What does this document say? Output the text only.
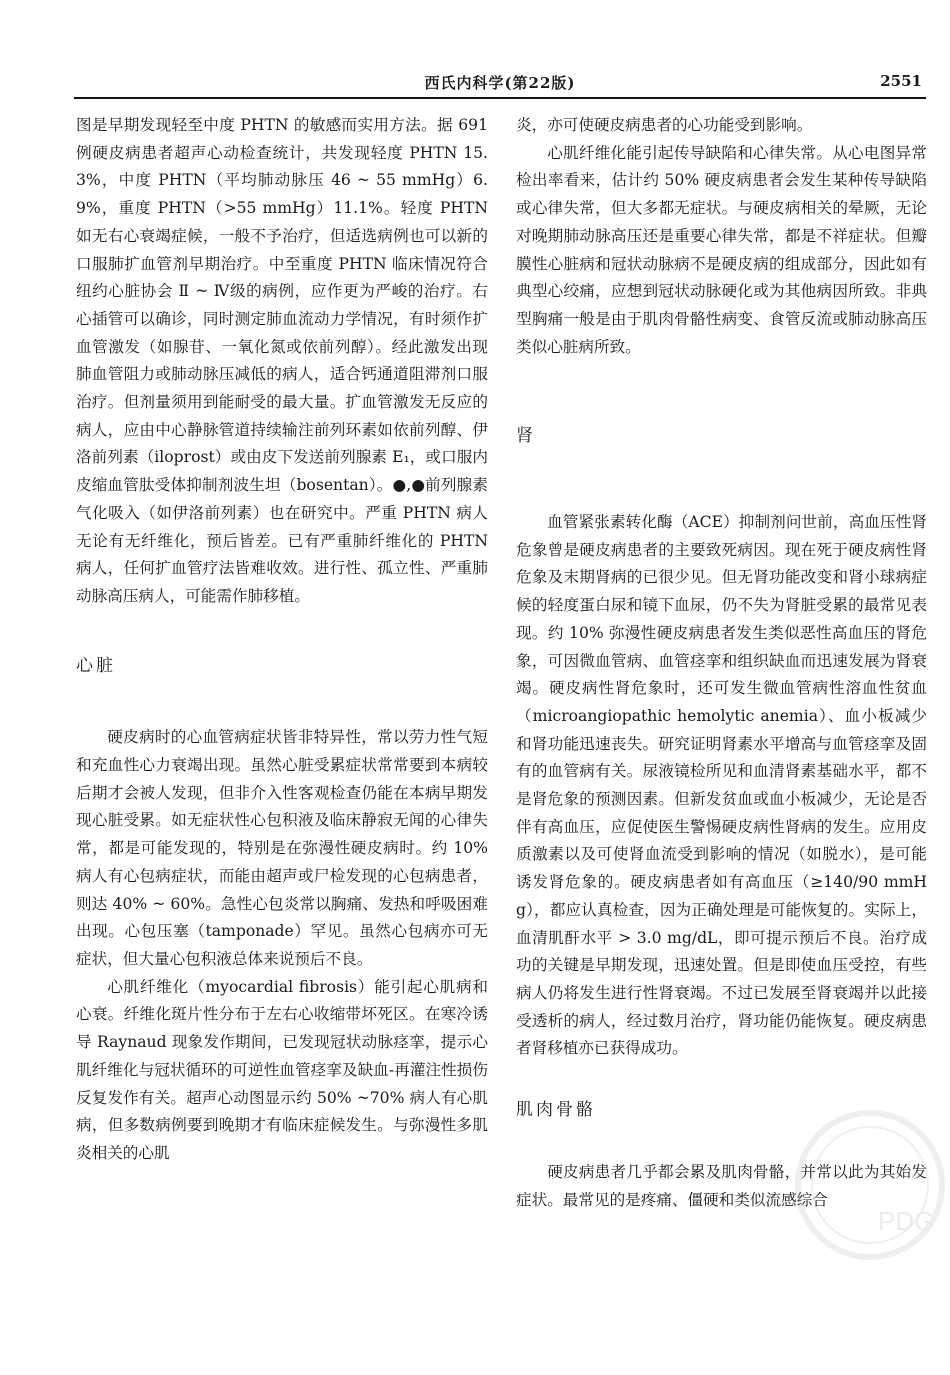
西氏内科学(第22版)	2551

图是早期发现轻至中度 PHTN 的敏感而实用方法。据 691 例硬皮病患者超声心动检查统计，共发现轻度 PHTN 15.3%，中度 PHTN（平均肺动脉压 46 ~ 55 mmHg）6.9%，重度 PHTN（>55 mmHg）11.1%。轻度 PHTN 如无右心衰竭症候，一般不予治疗，但适选病例也可以新的口服肺扩血管剂早期治疗。中至重度 PHTN 临床情况符合纽约心脏协会 Ⅱ ~ Ⅳ级的病例，应作更为严峻的治疗。右心插管可以确诊，同时测定肺血流动力学情况，有时须作扩血管激发（如腺苷、一氧化氮或依前列醇）。经此激发出现肺血管阻力或肺动脉压减低的病人，适合钙通道阻滞剂口服治疗。但剂量须用到能耐受的最大量。扩血管激发无反应的病人，应由中心静脉管道持续输注前列环素如依前列醇、伊洛前列素（iloprost）或由皮下发送前列腺素 E₁，或口服内皮缩血管肽受体抑制剂波生坦（bosentan）。●,●前列腺素气化吸入（如伊洛前列素）也在研究中。严重 PHTN 病人无论有无纤维化，预后皆差。已有严重肺纤维化的 PHTN 病人，任何扩血管疗法皆难收效。进行性、孤立性、严重肺动脉高压病人，可能需作肺移植。

心脏

硬皮病时的心血管病症状皆非特异性，常以劳力性气短和充血性心力衰竭出现。虽然心脏受累症状常常要到本病较后期才会被人发现，但非介入性客观检查仍能在本病早期发现心脏受累。如无症状性心包积液及临床静寂无闻的心律失常，都是可能发现的，特别是在弥漫性硬皮病时。约 10% 病人有心包病症状，而能由超声或尸检发现的心包病患者，则达 40% ~ 60%。急性心包炎常以胸痛、发热和呼吸困难出现。心包压塞（tamponade）罕见。虽然心包病亦可无症状，但大量心包积液总体来说预后不良。

心肌纤维化（myocardial fibrosis）能引起心肌病和心衰。纤维化斑片性分布于左右心收缩带坏死区。在寒冷诱导 Raynaud 现象发作期间，已发现冠状动脉痉挛，提示心肌纤维化与冠状循环的可逆性血管痉挛及缺血-再灌注性损伤反复发作有关。超声心动图显示约 50% ~70% 病人有心肌病，但多数病例要到晚期才有临床症候发生。与弥漫性多肌炎相关的心肌

炎，亦可使硬皮病患者的心功能受到影响。

心肌纤维化能引起传导缺陷和心律失常。从心电图异常检出率看来，估计约 50% 硬皮病患者会发生某种传导缺陷或心律失常，但大多都无症状。与硬皮病相关的晕厥，无论对晚期肺动脉高压还是重要心律失常，都是不祥症状。但瓣膜性心脏病和冠状动脉病不是硬皮病的组成部分，因此如有典型心绞痛，应想到冠状动脉硬化或为其他病因所致。非典型胸痛一般是由于肌肉骨骼性病变、食管反流或肺动脉高压类似心脏病所致。

肾

血管紧张素转化酶（ACE）抑制剂问世前，高血压性肾危象曾是硬皮病患者的主要致死病因。现在死于硬皮病性肾危象及末期肾病的已很少见。但无肾功能改变和肾小球病症候的轻度蛋白尿和镜下血尿，仍不失为肾脏受累的最常见表现。约 10% 弥漫性硬皮病患者发生类似恶性高血压的肾危象，可因微血管病、血管痉挛和组织缺血而迅速发展为肾衰竭。硬皮病性肾危象时，还可发生微血管病性溶血性贫血（microangiopathic hemolytic anemia）、血小板减少和肾功能迅速丧失。研究证明肾素水平增高与血管痉挛及固有的血管病有关。尿液镜检所见和血清肾素基础水平，都不是肾危象的预测因素。但新发贫血或血小板减少，无论是否伴有高血压，应促使医生警惕硬皮病性肾病的发生。应用皮质激素以及可使肾血流受到影响的情况（如脱水），是可能诱发肾危象的。硬皮病患者如有高血压（≥140/90 mmHg），都应认真检查，因为正确处理是可能恢复的。实际上，血清肌酐水平 > 3.0 mg/dL，即可提示预后不良。治疗成功的关键是早期发现，迅速处置。但是即使血压受控，有些病人仍将发生进行性肾衰竭。不过已发展至肾衰竭并以此接受透析的病人，经过数月治疗，肾功能仍能恢复。硬皮病患者肾移植亦已获得成功。

肌肉骨骼

硬皮病患者几乎都会累及肌肉骨骼，并常以此为其始发症状。最常见的是疼痛、僵硬和类似流感综合

PDG
